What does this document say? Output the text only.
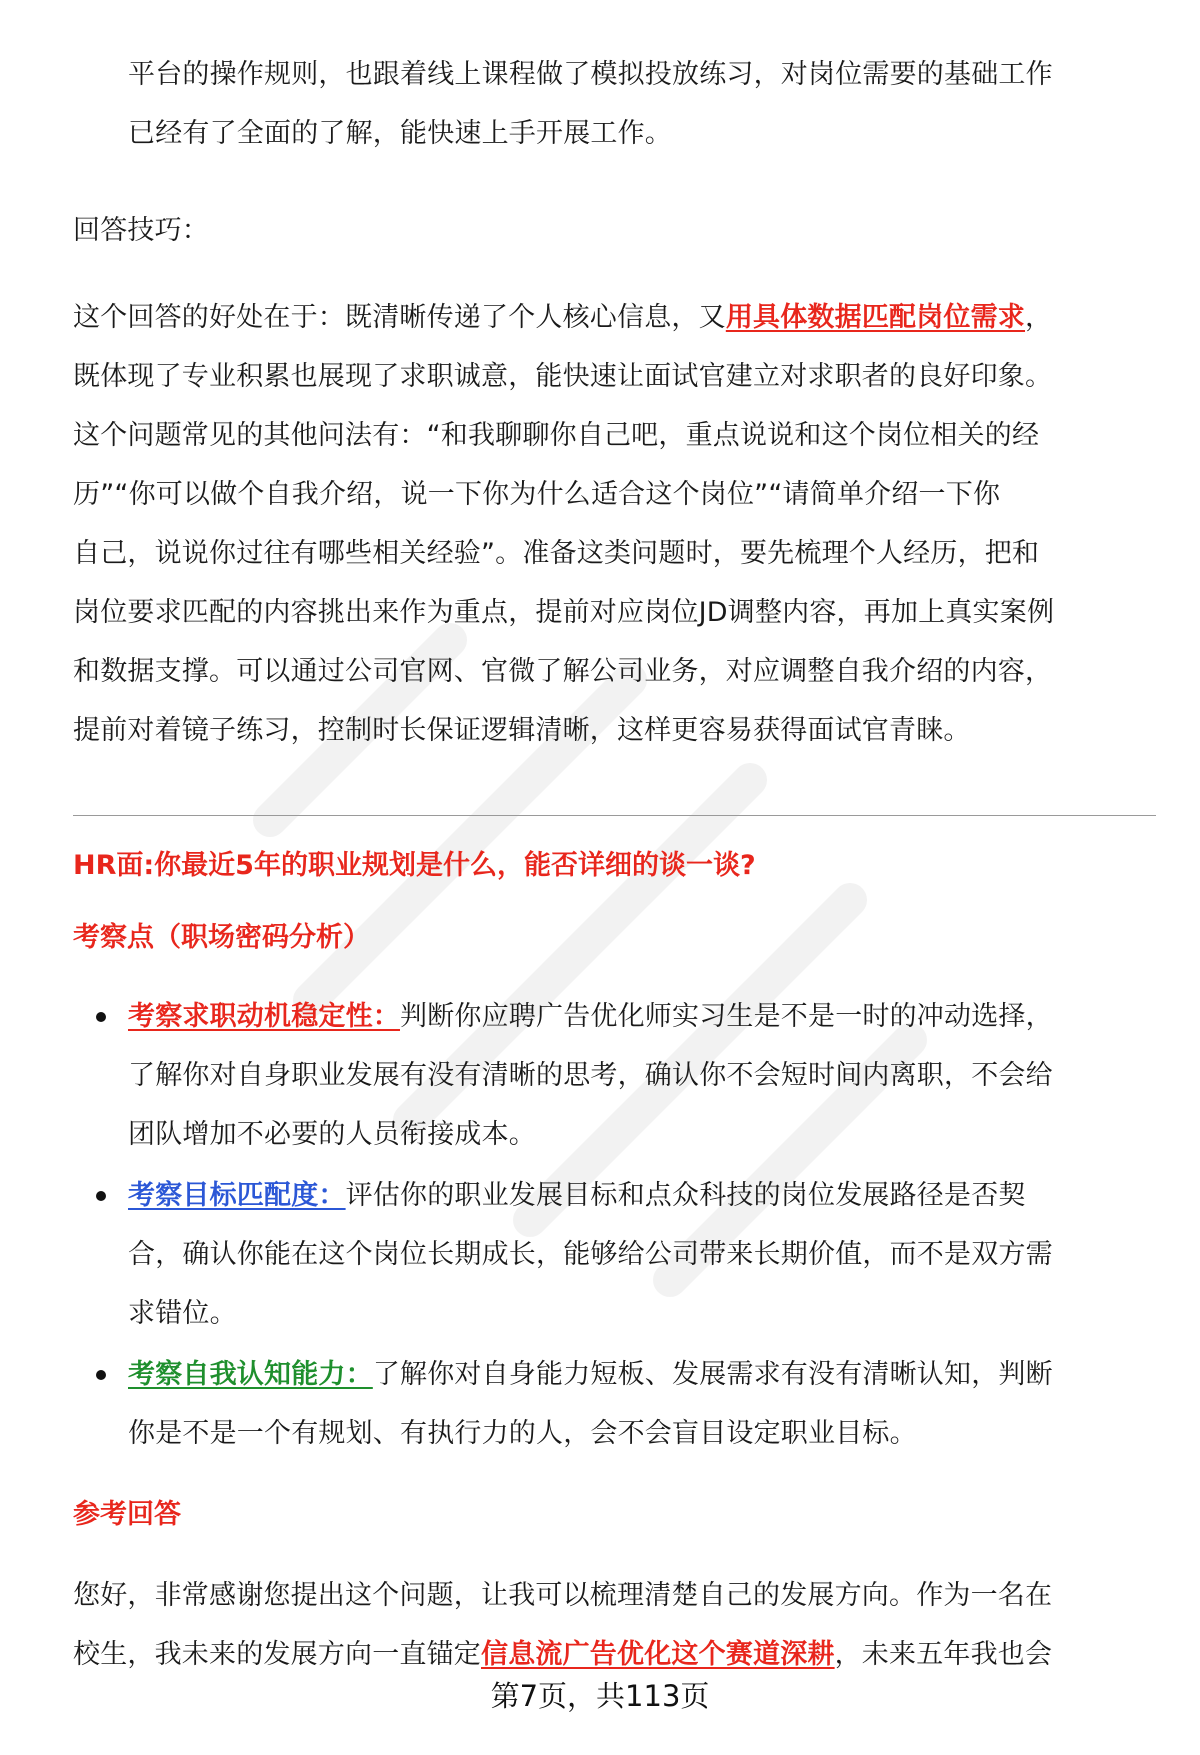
平台的操作规则，也跟着线上课程做了模拟投放练习，对岗位需要的基础工作
已经有了全面的了解，能快速上手开展工作。
回答技巧：
这个回答的好处在于：既清晰传递了个人核心信息，又用具体数据匹配岗位需求，
既体现了专业积累也展现了求职诚意，能快速让面试官建立对求职者的良好印象。
这个问题常见的其他问法有：“和我聊聊你自己吧，重点说说和这个岗位相关的经
历”“你可以做个自我介绍，说一下你为什么适合这个岗位”“请简单介绍一下你
自己，说说你过往有哪些相关经验”。准备这类问题时，要先梳理个人经历，把和
岗位要求匹配的内容挑出来作为重点，提前对应岗位JD调整内容，再加上真实案例
和数据支撑。可以通过公司官网、官微了解公司业务，对应调整自我介绍的内容，
提前对着镜子练习，控制时长保证逻辑清晰，这样更容易获得面试官青睐。
HR面:你最近5年的职业规划是什么，能否详细的谈一谈?
考察点（职场密码分析）
考察求职动机稳定性：判断你应聘广告优化师实习生是不是一时的冲动选择，
了解你对自身职业发展有没有清晰的思考，确认你不会短时间内离职，不会给
团队增加不必要的人员衔接成本。
考察目标匹配度：评估你的职业发展目标和点众科技的岗位发展路径是否契
合，确认你能在这个岗位长期成长，能够给公司带来长期价值，而不是双方需
求错位。
考察自我认知能力：了解你对自身能力短板、发展需求有没有清晰认知，判断
你是不是一个有规划、有执行力的人，会不会盲目设定职业目标。
参考回答
您好，非常感谢您提出这个问题，让我可以梳理清楚自己的发展方向。作为一名在
校生，我未来的发展方向一直锚定信息流广告优化这个赛道深耕，未来五年我也会
第7页，共113页
